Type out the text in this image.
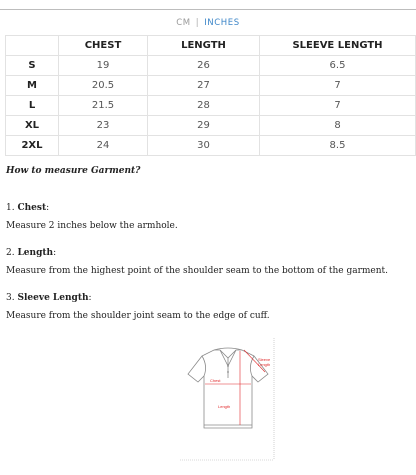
CM | INCHES
	CHEST	LENGTH	SLEEVE LENGTH
S	19	26	6.5
M	20.5	27	7
L	21.5	28	7
XL	23	29	8
2XL	24	30	8.5
How to measure Garment?
1. Chest:
Measure 2 inches below the armhole.
2. Length:
Measure from the highest point of the shoulder seam to the bottom of the garment.
3. Sleeve Length:
Measure from the shoulder joint seam to the edge of cuff.
Sleeve
Length
Chest
Length
